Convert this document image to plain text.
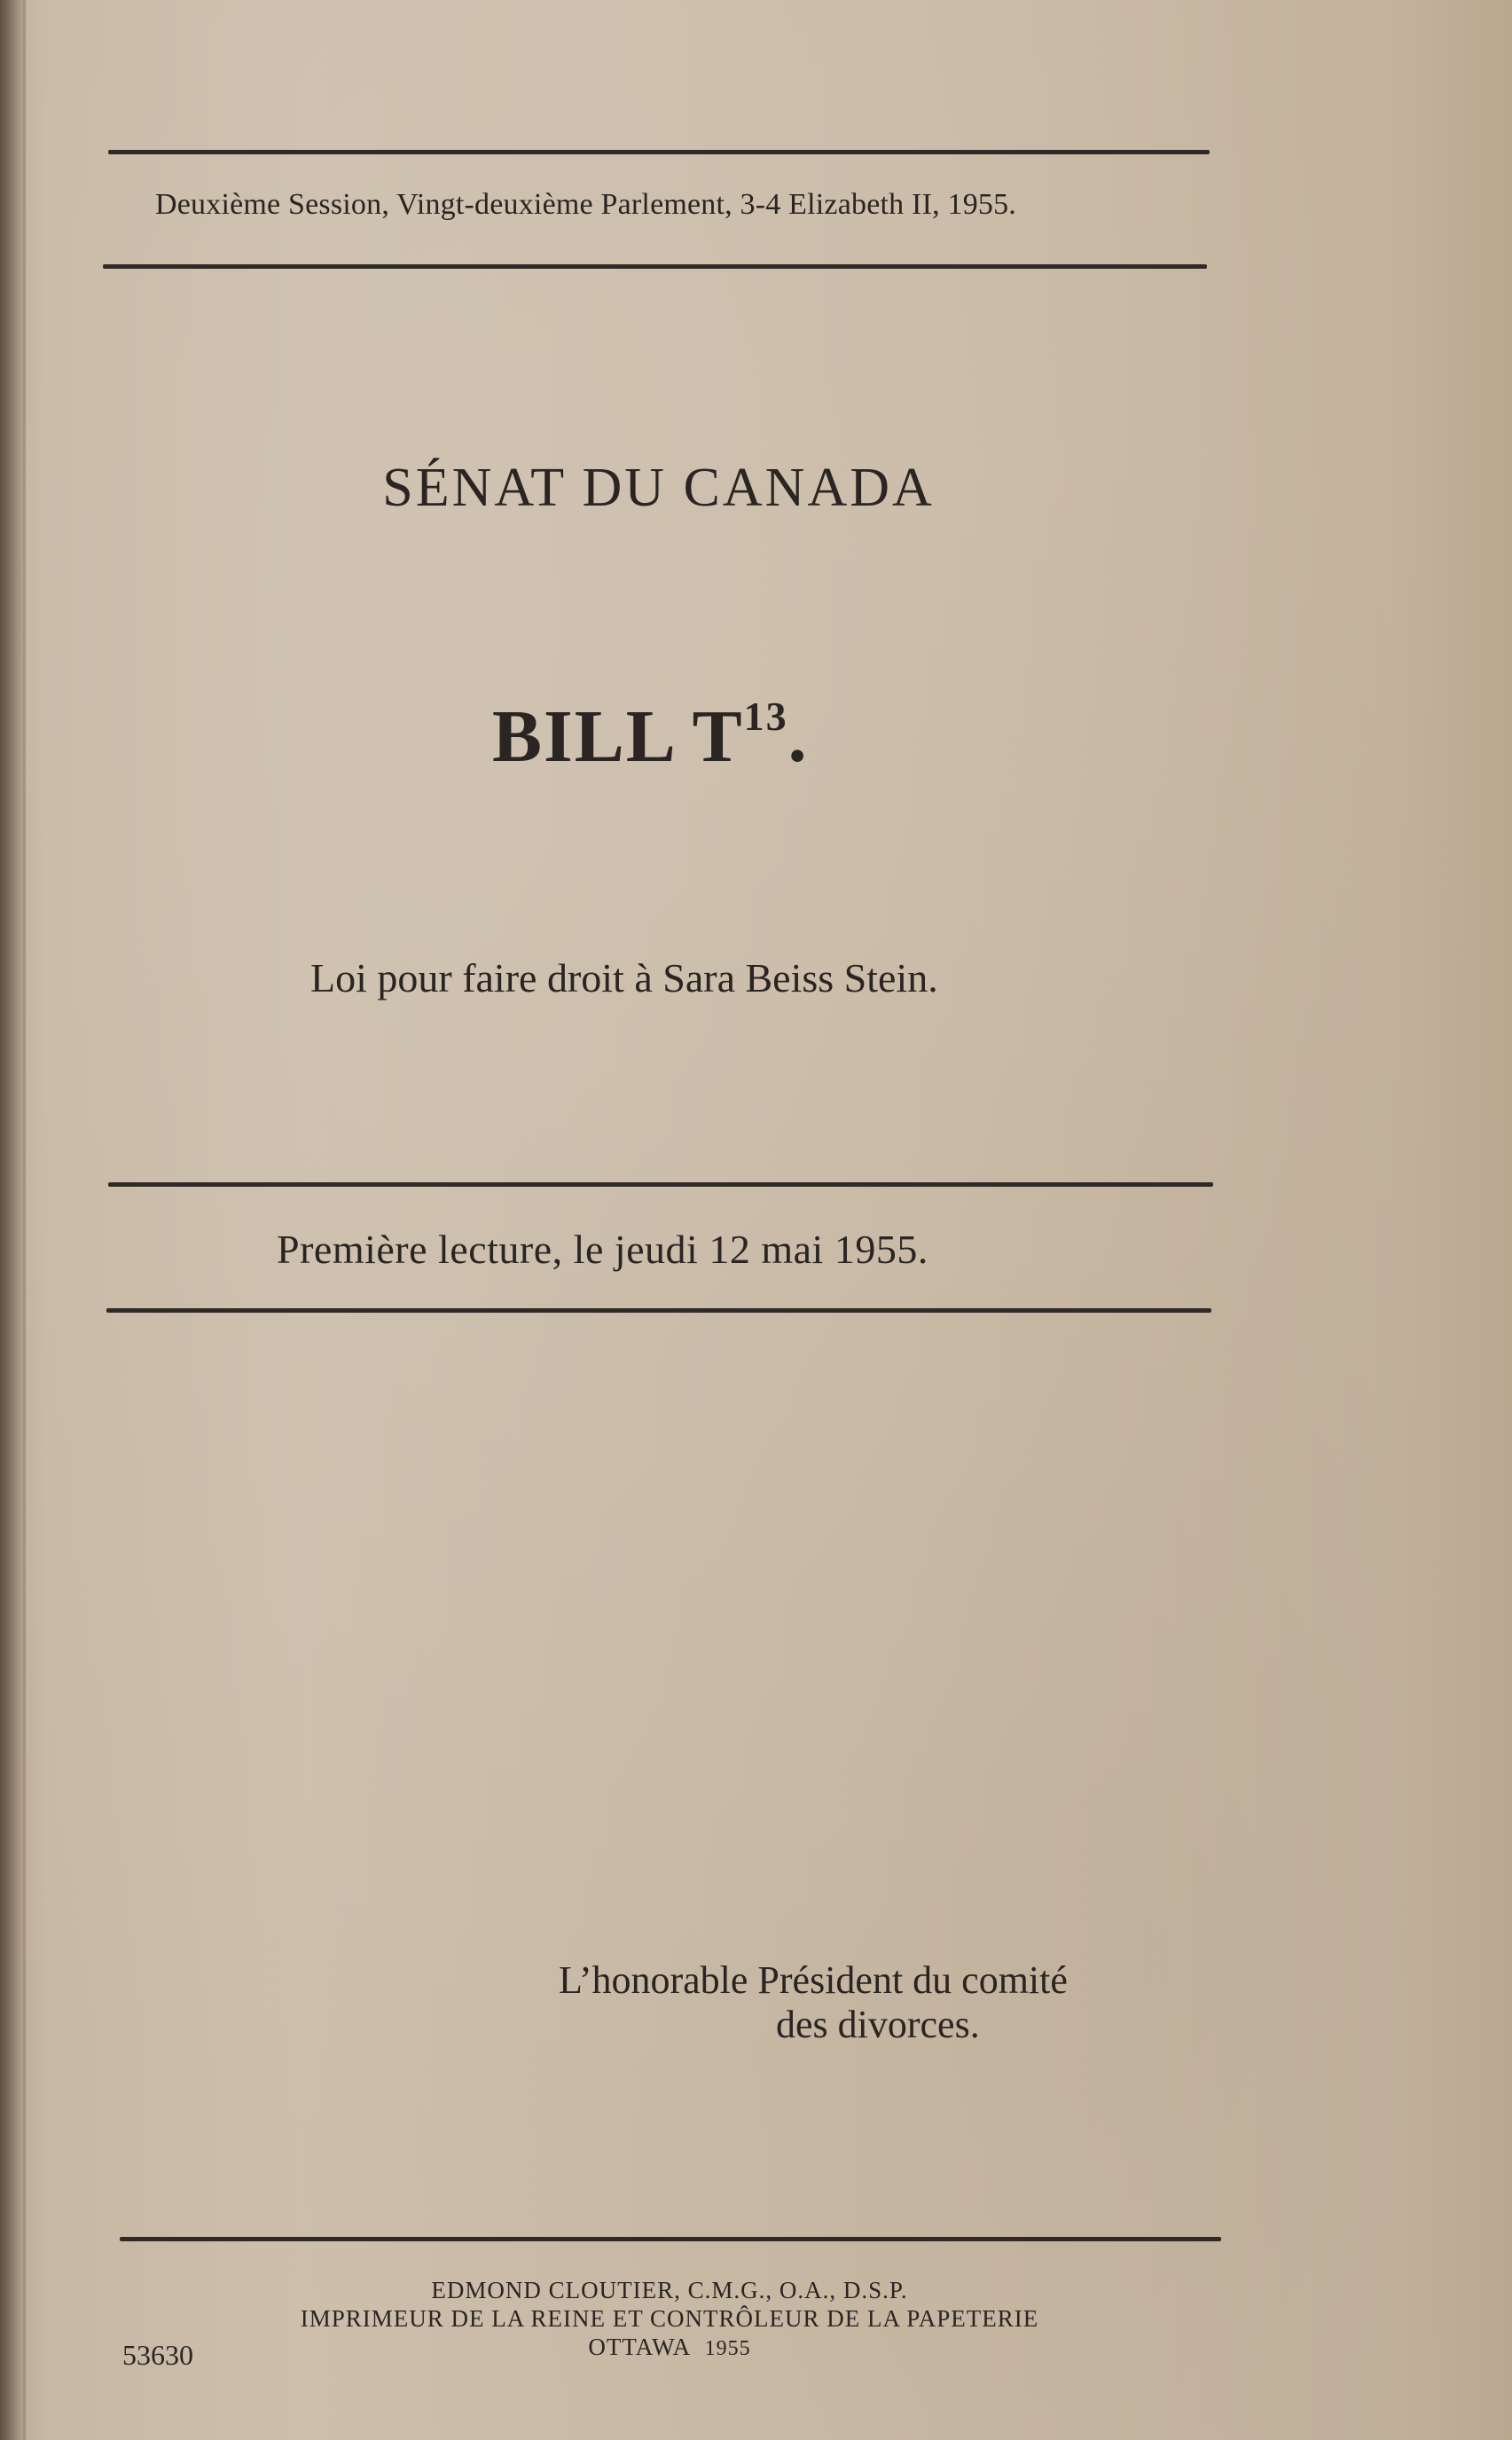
Deuxième Session, Vingt-deuxième Parlement, 3-4 Elizabeth II, 1955.
SÉNAT DU CANADA
BILL $T^{13}$.
Loi pour faire droit à Sara Beiss Stein.
Première lecture, le jeudi 12 mai 1955.
L’honorable Président du comité
des divorces.
EDMOND CLOUTIER, C.M.G., O.A., D.S.P.
IMPRIMEUR DE LA REINE ET CONTRÔLEUR DE LA PAPETERIE
OTTAWA 1955
53630
